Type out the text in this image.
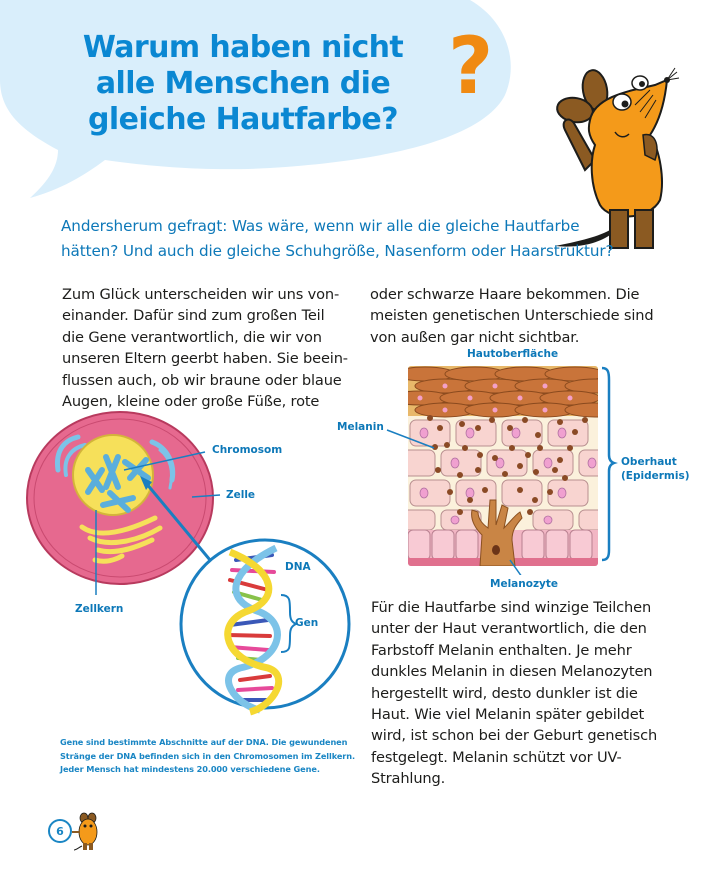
Warum haben nicht
alle Menschen die
gleiche Hautfarbe?
?
Andersherum gefragt: Was wäre, wenn wir alle die gleiche Hautfarbe
hätten? Und auch die gleiche Schuhgröße, Nasenform oder Haarstruktur?
Zum Glück unterscheiden wir uns von-
einander. Dafür sind zum großen Teil
die Gene verantwortlich, die wir von
unseren Eltern geerbt haben. Sie beein-
flussen auch, ob wir braune oder blaue
Augen, kleine oder große Füße, rote
oder schwarze Haare bekommen. Die
meisten genetischen Unterschiede sind
von außen gar nicht sichtbar.
Chromosom
Zelle
Zellkern
DNA
Gen
Hautoberfläche
Melanin
Oberhaut
(Epidermis)
Melanozyte
Gene sind bestimmte Abschnitte auf der DNA. Die gewundenen
Stränge der DNA befinden sich in den Chromosomen im Zellkern.
Jeder Mensch hat mindestens 20.000 verschiedene Gene.
Für die Hautfarbe sind winzige Teilchen
unter der Haut verantwortlich, die den
Farbstoff Melanin enthalten. Je mehr
dunkles Melanin in diesen Melanozyten
hergestellt wird, desto dunkler ist die
Haut. Wie viel Melanin später gebildet
wird, ist schon bei der Geburt genetisch
festgelegt. Melanin schützt vor UV-
Strahlung.
6
